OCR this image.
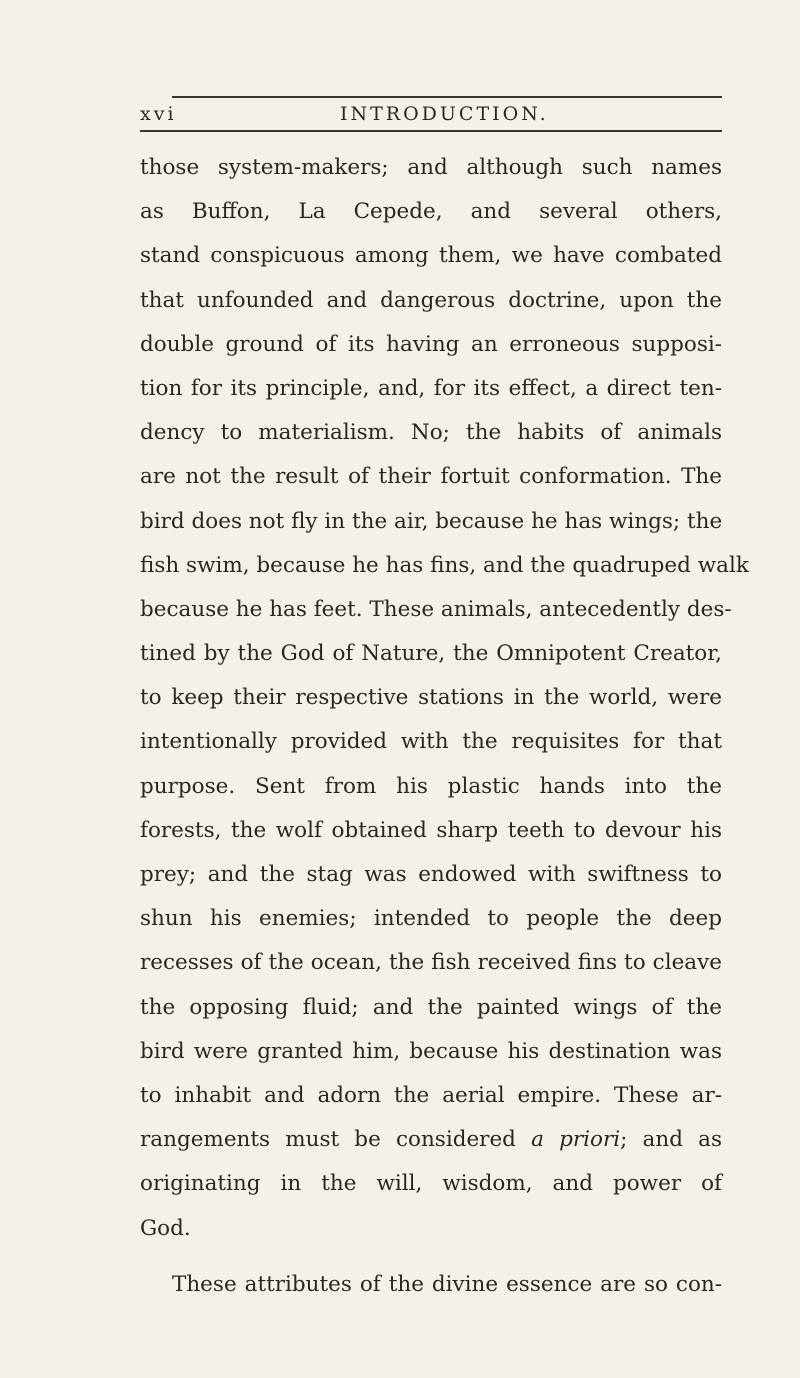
xvi	INTRODUCTION.
those system-makers; and although such names
as Buffon, La Cepede, and several others,
stand conspicuous among them, we have combated
that unfounded and dangerous doctrine, upon the
double ground of its having an erroneous supposi-
tion for its principle, and, for its effect, a direct ten-
dency to materialism. No; the habits of animals
are not the result of their fortuit conformation. The
bird does not fly in the air, because he has wings; the
fish swim, because he has fins, and the quadruped walk
because he has feet. These animals, antecedently des-
tined by the God of Nature, the Omnipotent Creator,
to keep their respective stations in the world, were
intentionally provided with the requisites for that
purpose. Sent from his plastic hands into the
forests, the wolf obtained sharp teeth to devour his
prey; and the stag was endowed with swiftness to
shun his enemies; intended to people the deep
recesses of the ocean, the fish received fins to cleave
the opposing fluid; and the painted wings of the
bird were granted him, because his destination was
to inhabit and adorn the aerial empire. These ar-
rangements must be considered a priori; and as
originating in the will, wisdom, and power of
God.
These attributes of the divine essence are so con-
